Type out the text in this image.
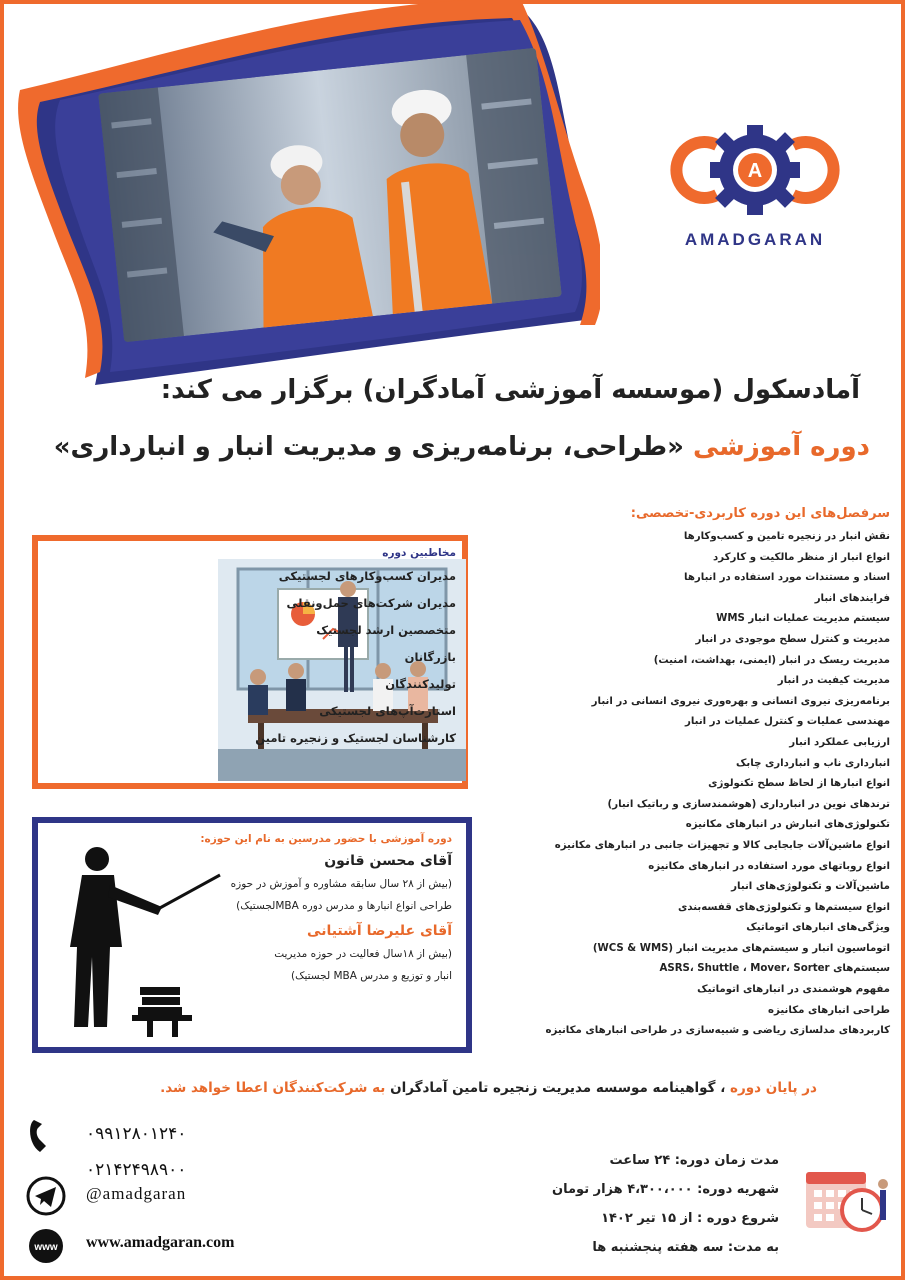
A
AMADGARAN
آمادسکول (موسسه آموزشی آمادگران) برگزار می کند:
دوره آموزشی «طراحی، برنامه‌ریزی و مدیریت انبار و انبارداری»
سرفصل‌های این دوره کاربردی-تخصصی:
نقش انبار در زنجیره تامین و کسب‌وکارها
انواع انبار از منظر مالکیت و کارکرد
اسناد و مستندات مورد استفاده در انبارها
فرایندهای انبار
سیستم مدیریت عملیات انبار WMS
مدیریت و کنترل سطح موجودی در انبار
مدیریت ریسک در انبار (ایمنی، بهداشت، امنیت)
مدیریت کیفیت در انبار
برنامه‌ریزی نیروی انسانی و بهره‌وری نیروی انسانی در انبار
مهندسی عملیات و کنترل عملیات در انبار
ارزیابی عملکرد انبار
انبارداری ناب و انبارداری چابک
انواع انبارها از لحاظ سطح تکنولوژی
ترندهای نوین در انبارداری (هوشمندسازی و رباتیک انبار)
تکنولوژی‌های انبارش در انبارهای مکانیزه
انواع ماشین‌آلات جابجایی کالا و تجهیزات جانبی در انبارهای مکانیزه
انواع روباتهای مورد استفاده در انبارهای مکانیزه
ماشین‌آلات و تکنولوژی‌های انبار
انواع سیستم‌ها و تکنولوژی‌های قفسه‌بندی
ویژگی‌های انبارهای اتوماتیک
اتوماسیون انبار و سیستم‌های مدیریت انبار (WCS & WMS)
سیستم‌های ASRS، Shuttle ، Mover، Sorter
مفهوم هوشمندی در انبارهای اتوماتیک
طراحی انبارهای مکانیزه
کاربردهای مدلسازی ریاضی و شبیه‌سازی در طراحی انبارهای مکانیزه
مخاطبین دوره
مدیران کسب‌وکارهای لجستیکی
مدیران شرکت‌های حمل‌ونقلی
متخصصین ارشد لجستیک
بازرگانان
تولیدکنندگان
استارت‌آپ‌های لجستیکی
کارشناسان لجستیک و زنجیره تامین
دوره آموزشی با حضور مدرسین به نام این حوزه:
آقای محسن قانون
(بیش از ۲۸ سال سابقه مشاوره و آموزش در حوزه
طراحی انواع انبارها و مدرس دوره MBAلجستیک)
آقای علیرضا آشتیانی
(بیش از ۱۸سال فعالیت در حوزه مدیریت
انبار و توزیع و مدرس MBA لجستیک)
در پایان دوره ، گواهینامه موسسه مدیریت زنجیره تامین آمادگران به شرکت‌کنندگان اعطا خواهد شد.
۰۹۹۱۲۸۰۱۲۴۰
۰۲۱۴۲۴۹۸۹۰۰
@amadgaran
www www.amadgaran.com
مدت زمان دوره: ۲۴ ساعت
شهریه دوره: ۴،۳۰۰،۰۰۰ هزار تومان
شروع دوره : از ۱۵ تیر ۱۴۰۲
به مدت: سه هفته پنجشنبه ها
